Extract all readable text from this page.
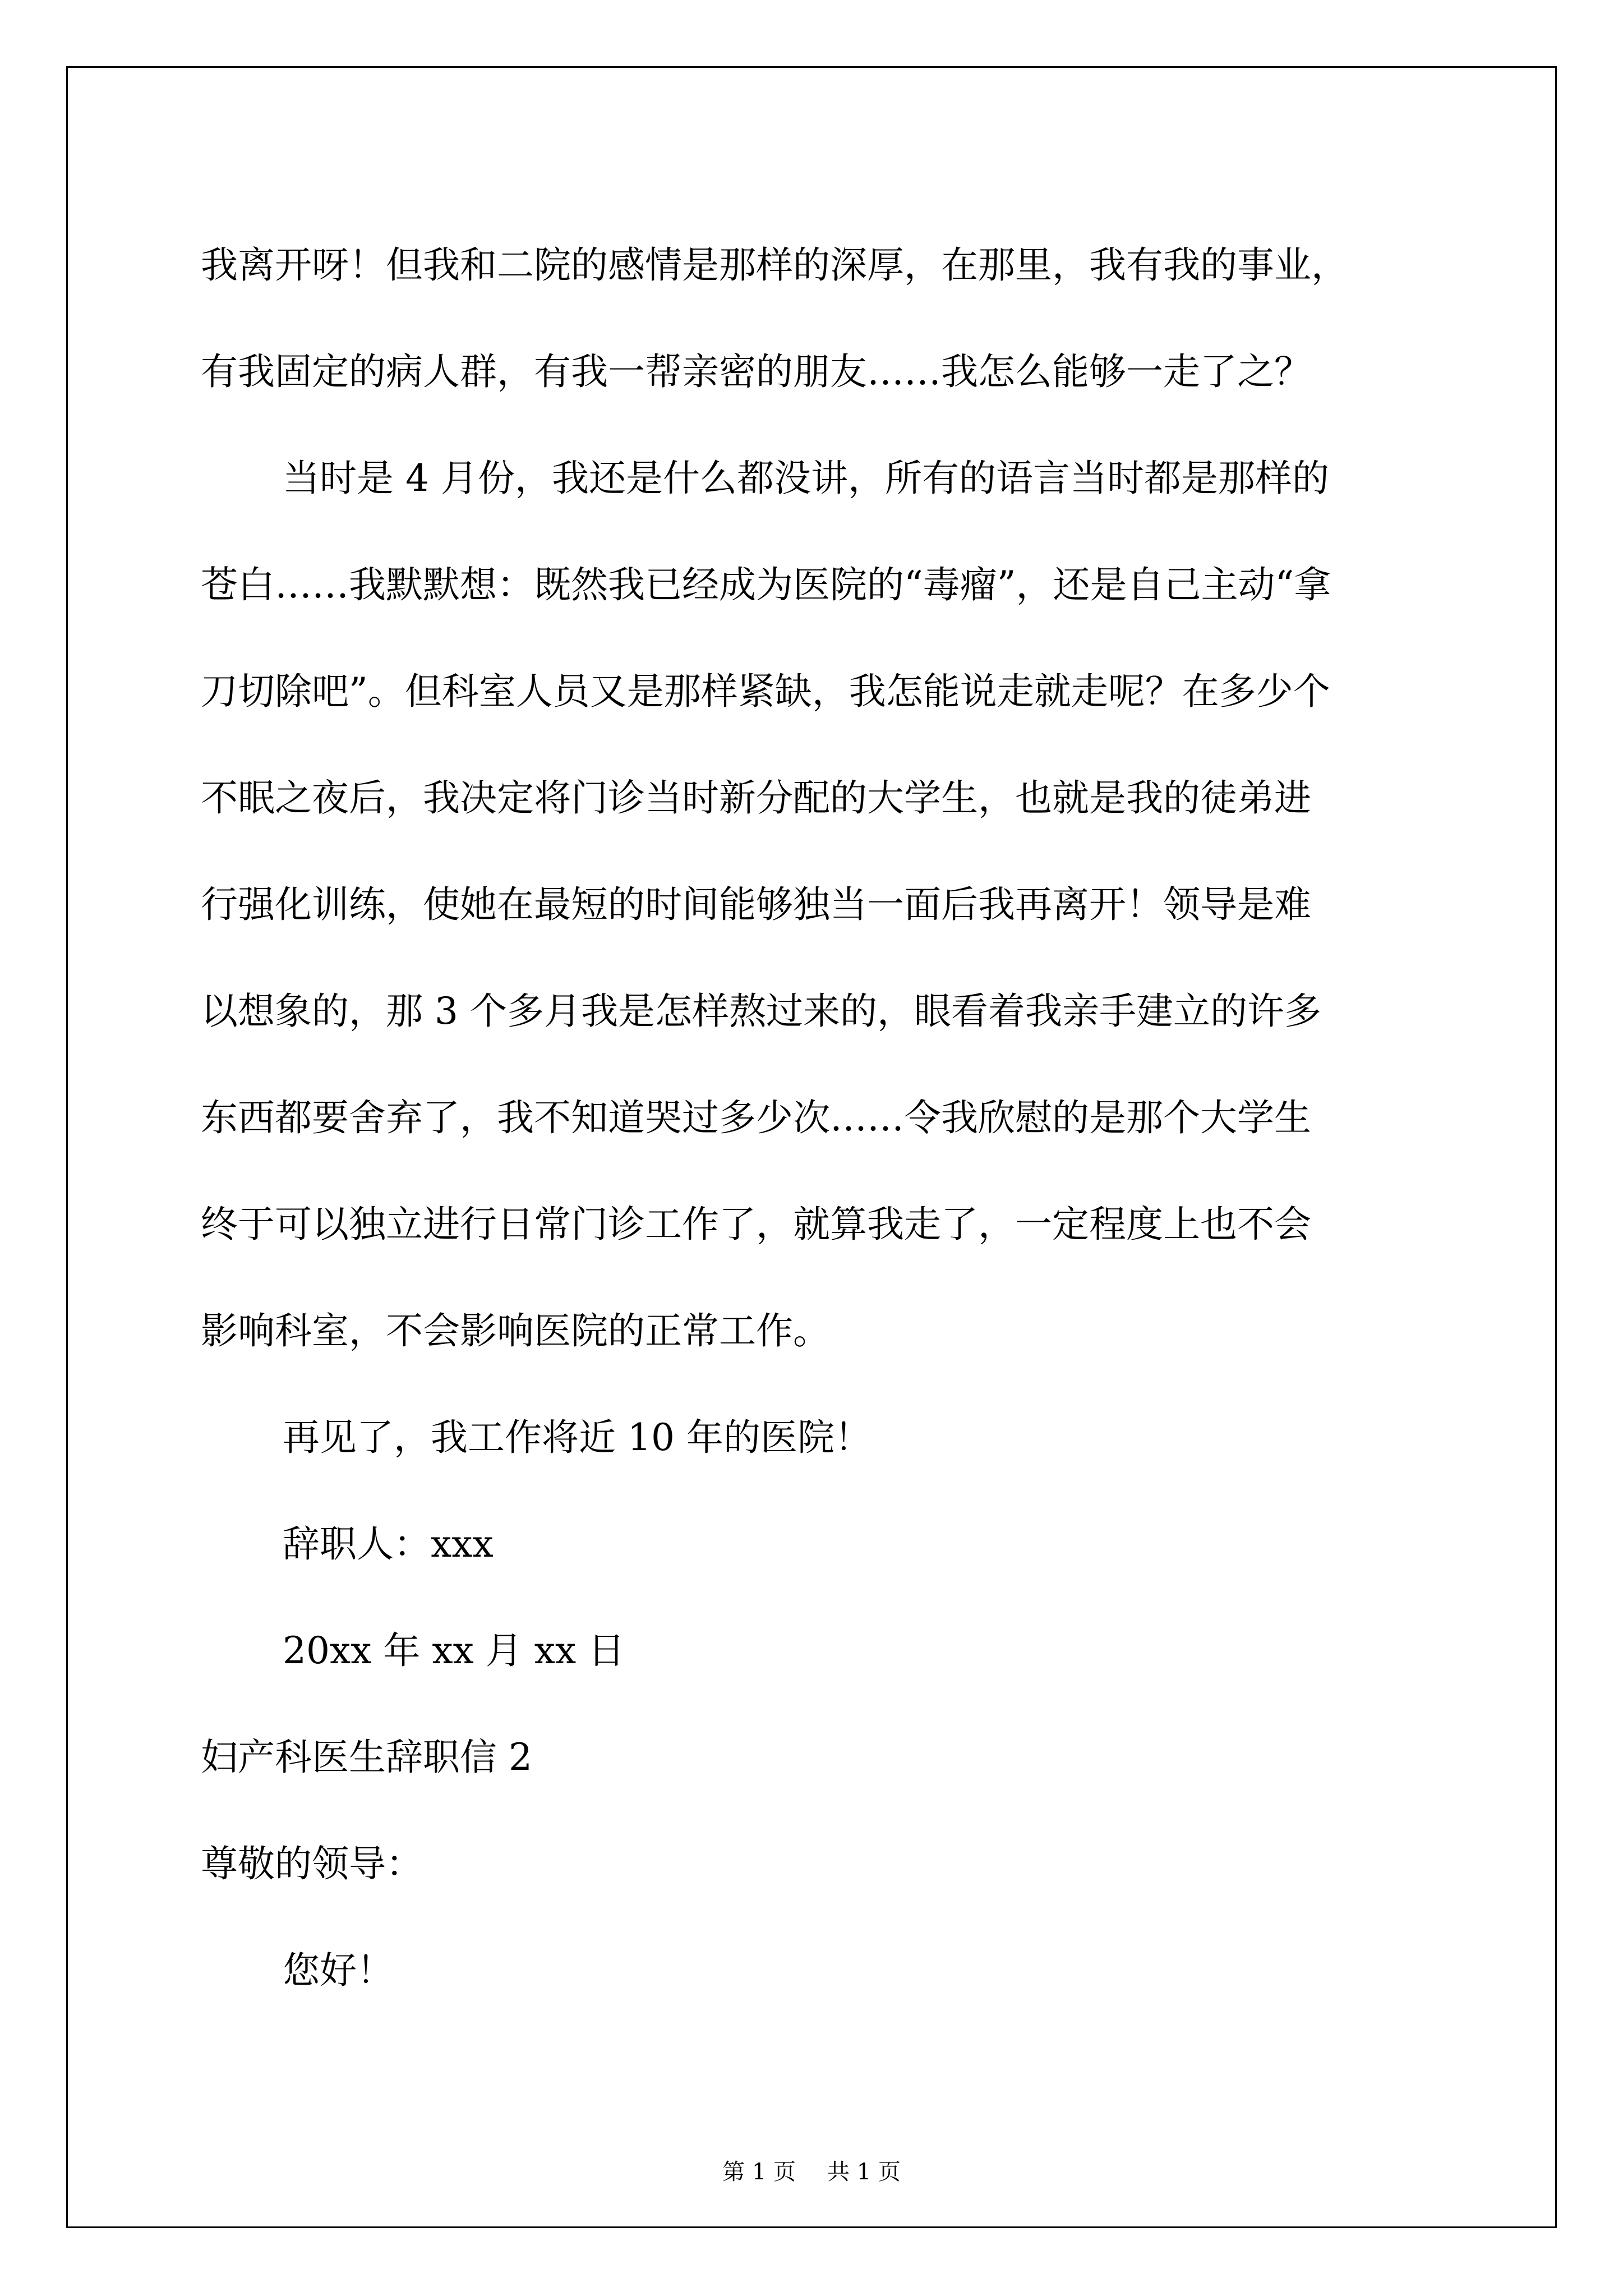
我离开呀！但我和二院的感情是那样的深厚，在那里，我有我的事业，
有我固定的病人群，有我一帮亲密的朋友……我怎么能够一走了之？
当时是 4 月份，我还是什么都没讲，所有的语言当时都是那样的
苍白……我默默想：既然我已经成为医院的“毒瘤”，还是自己主动“拿
刀切除吧”。但科室人员又是那样紧缺，我怎能说走就走呢？在多少个
不眠之夜后，我决定将门诊当时新分配的大学生，也就是我的徒弟进
行强化训练，使她在最短的时间能够独当一面后我再离开！领导是难
以想象的，那 3 个多月我是怎样熬过来的，眼看着我亲手建立的许多
东西都要舍弃了，我不知道哭过多少次……令我欣慰的是那个大学生
终于可以独立进行日常门诊工作了，就算我走了，一定程度上也不会
影响科室，不会影响医院的正常工作。
再见了，我工作将近 10 年的医院！
辞职人：xxx
20xx 年 xx 月 xx 日
妇产科医生辞职信 2
尊敬的领导：
您好！
第 1 页 共 1 页
